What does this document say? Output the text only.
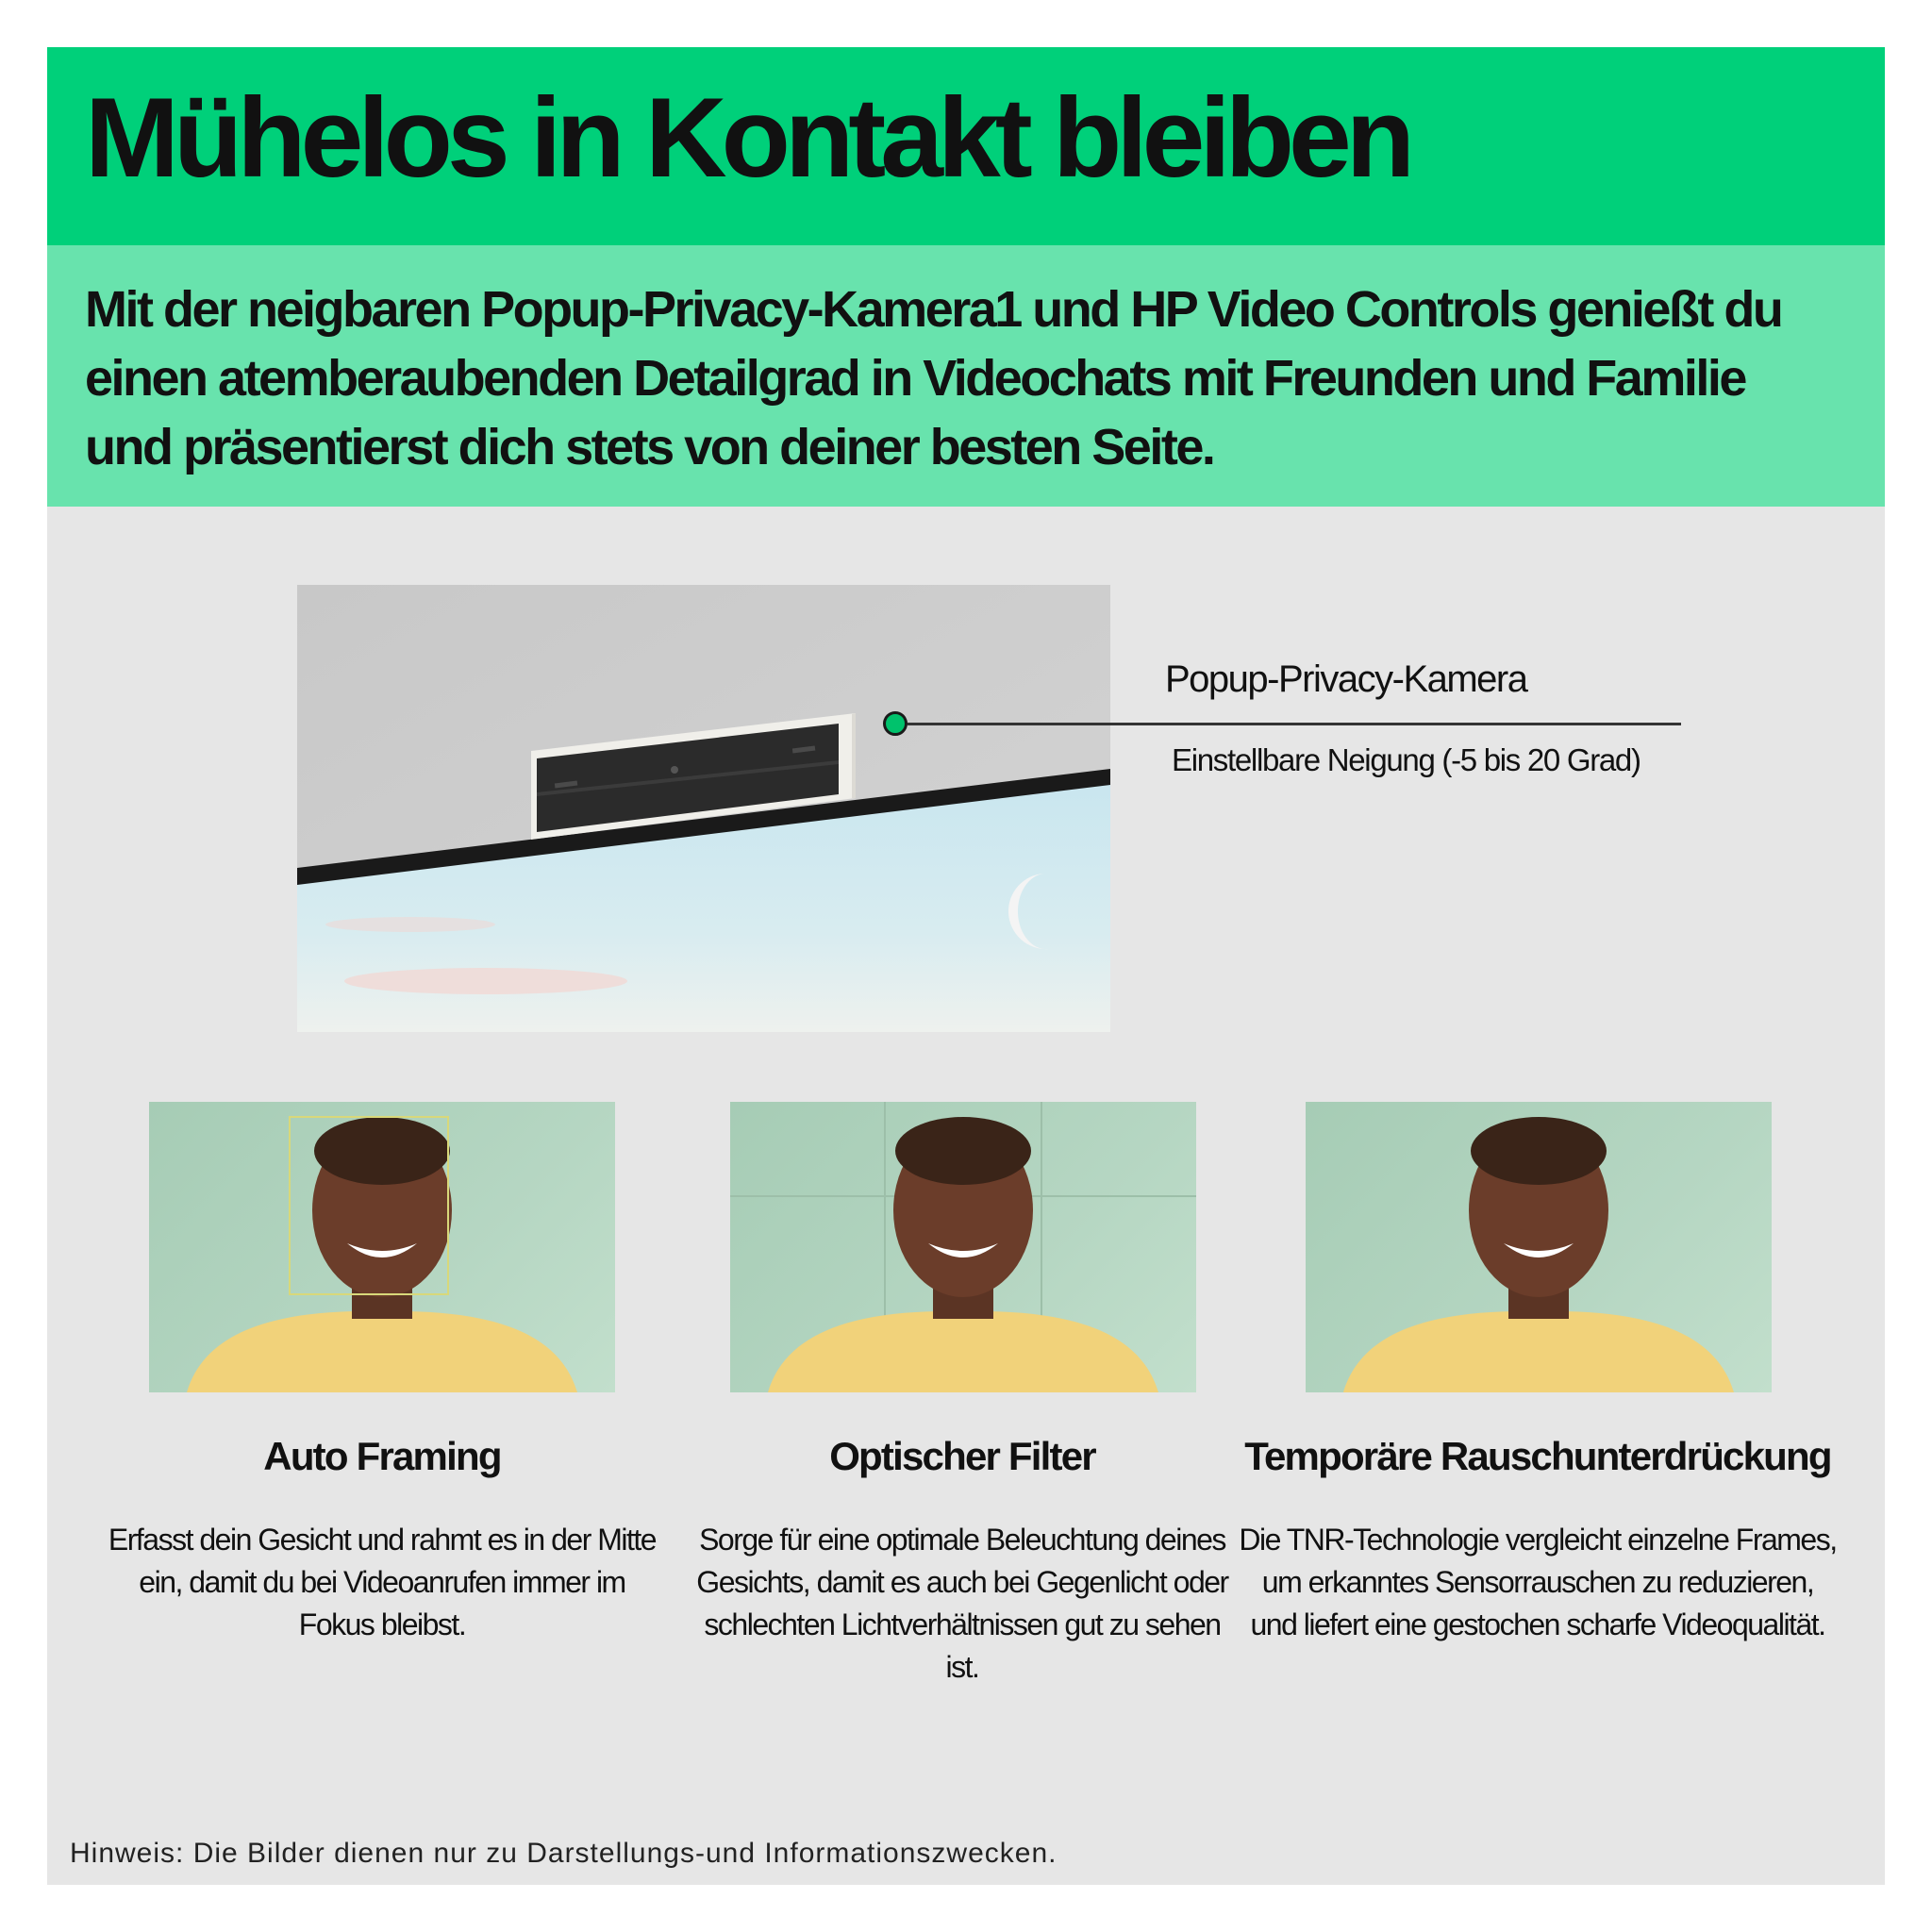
Mühelos in Kontakt bleiben

Mit der neigbaren Popup-Privacy-Kamera1 und HP Video Controls genießt du einen atemberaubenden Detailgrad in Videochats mit Freunden und Familie und präsentierst dich stets von deiner besten Seite.

Popup-Privacy-Kamera

Einstellbare Neigung (-5 bis 20 Grad)

Auto Framing	Optischer Filter	Temporäre Rauschunterdrückung

Erfasst dein Gesicht und rahmt es in der Mitte ein, damit du bei Videoanrufen immer im Fokus bleibst.

Sorge für eine optimale Beleuchtung deines Gesichts, damit es auch bei Gegenlicht oder schlechten Lichtverhältnissen gut zu sehen ist.

Die TNR-Technologie vergleicht einzelne Frames, um erkanntes Sensorrauschen zu reduzieren, und liefert eine gestochen scharfe Videoqualität.

Hinweis: Die Bilder dienen nur zu Darstellungs-und Informationszwecken.
